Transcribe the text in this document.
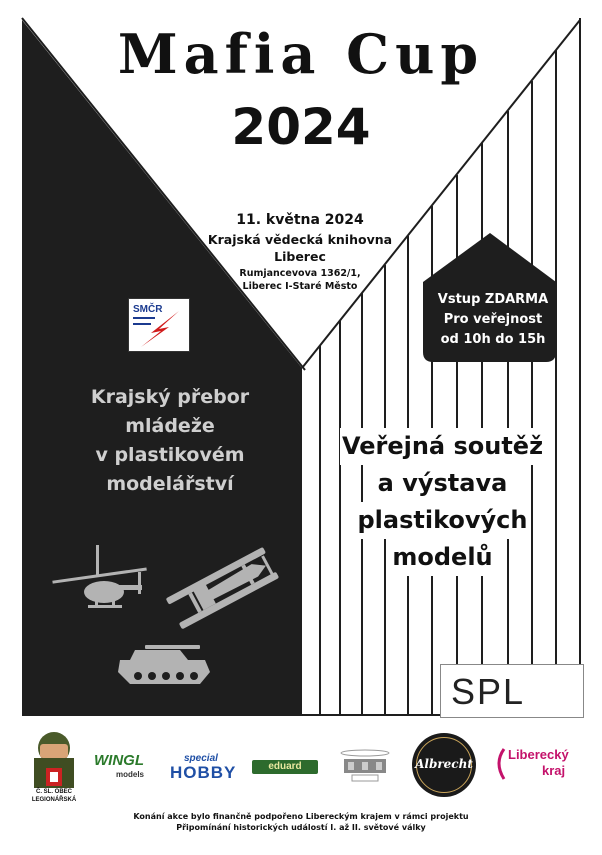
Mafia Cup
2024
11. května 2024
Krajská vědecká knihovna
Liberec
Rumjancevova 1362/1,
Liberec I-Staré Město
SMČR
Vstup ZDARMA
Pro veřejnost
od 10h do 15h
Krajský přebor
mládeže
v plastikovém
modelářství
Veřejná soutěž
a výstava
plastikových
modelů
SPL
Č. SL. OBEC
LEGIONÁŘSKÁ
WINGL
models
special
HOBBY	eduard	Albrecht
Liberecký
kraj
Konání akce bylo finančně podpořeno Libereckým krajem v rámci projektu
Připomínání historických událostí I. až II. světové války
